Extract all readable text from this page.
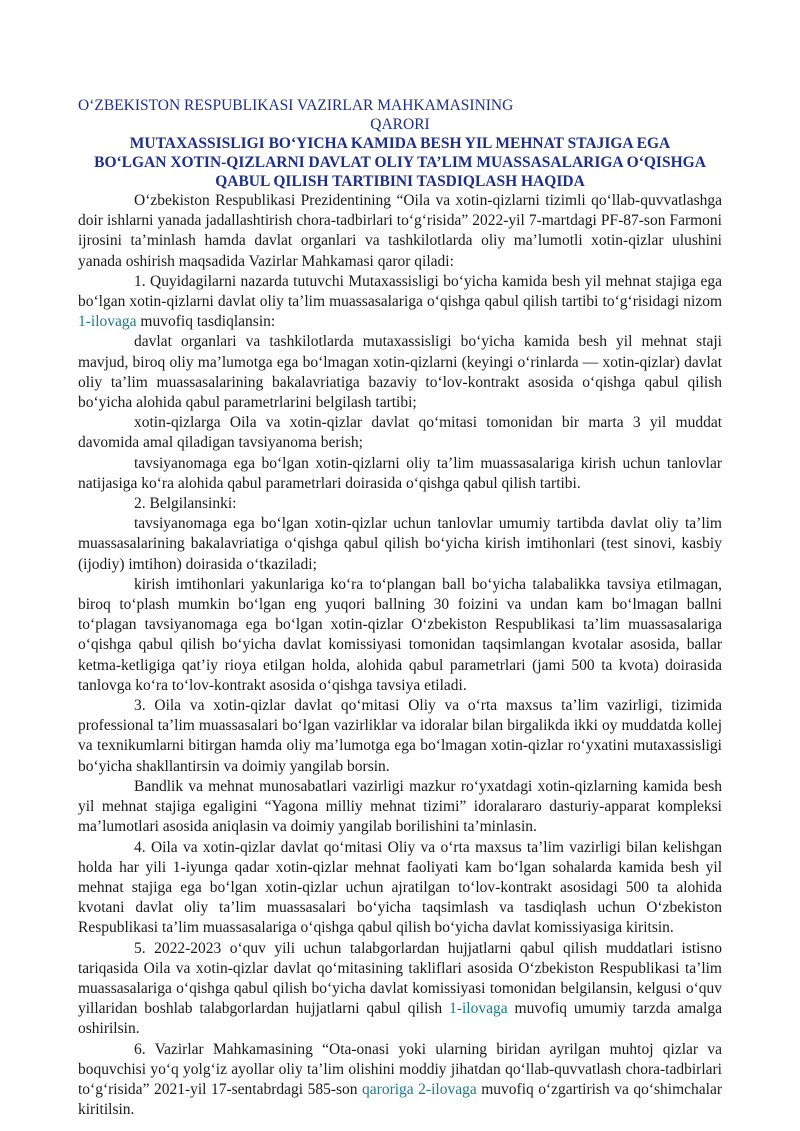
O‘ZBEKISTON RESPUBLIKASI VAZIRLAR MAHKAMASINING

QARORI

MUTAXASSISLIGI BO‘YICHA KAMIDA BESH YIL MEHNAT STAJIGA EGA

BO‘LGAN XOTIN-QIZLARNI DAVLAT OLIY TA’LIM MUASSASALARIGA O‘QISHGA

QABUL QILISH TARTIBINI TASDIQLASH HAQIDA

O‘zbekiston Respublikasi Prezidentining “Oila va xotin-qizlarni tizimli qo‘llab-quvvatlashga doir ishlarni yanada jadallashtirish chora-tadbirlari to‘g‘risida” 2022-yil 7-martdagi PF-87-son Farmoni ijrosini ta’minlash hamda davlat organlari va tashkilotlarda oliy ma’lumotli xotin-qizlar ulushini yanada oshirish maqsadida Vazirlar Mahkamasi qaror qiladi:

1. Quyidagilarni nazarda tutuvchi Mutaxassisligi bo‘yicha kamida besh yil mehnat stajiga ega bo‘lgan xotin-qizlarni davlat oliy ta’lim muassasalariga o‘qishga qabul qilish tartibi to‘g‘risidagi nizom 1-ilovaga muvofiq tasdiqlansin:

davlat organlari va tashkilotlarda mutaxassisligi bo‘yicha kamida besh yil mehnat staji mavjud, biroq oliy ma’lumotga ega bo‘lmagan xotin-qizlarni (keyingi o‘rinlarda — xotin-qizlar) davlat oliy ta’lim muassasalarining bakalavriatiga bazaviy to‘lov-kontrakt asosida o‘qishga qabul qilish bo‘yicha alohida qabul parametrlarini belgilash tartibi;

xotin-qizlarga Oila va xotin-qizlar davlat qo‘mitasi tomonidan bir marta 3 yil muddat davomida amal qiladigan tavsiyanoma berish;

tavsiyanomaga ega bo‘lgan xotin-qizlarni oliy ta’lim muassasalariga kirish uchun tanlovlar natijasiga ko‘ra alohida qabul parametrlari doirasida o‘qishga qabul qilish tartibi.

2. Belgilansinki:

tavsiyanomaga ega bo‘lgan xotin-qizlar uchun tanlovlar umumiy tartibda davlat oliy ta’lim muassasalarining bakalavriatiga o‘qishga qabul qilish bo‘yicha kirish imtihonlari (test sinovi, kasbiy (ijodiy) imtihon) doirasida o‘tkaziladi;

kirish imtihonlari yakunlariga ko‘ra to‘plangan ball bo‘yicha talabalikka tavsiya etilmagan, biroq to‘plash mumkin bo‘lgan eng yuqori ballning 30 foizini va undan kam bo‘lmagan ballni to‘plagan tavsiyanomaga ega bo‘lgan xotin-qizlar O‘zbekiston Respublikasi ta’lim muassasalariga o‘qishga qabul qilish bo‘yicha davlat komissiyasi tomonidan taqsimlangan kvotalar asosida, ballar ketma-ketligiga qat’iy rioya etilgan holda, alohida qabul parametrlari (jami 500 ta kvota) doirasida tanlovga ko‘ra to‘lov-kontrakt asosida o‘qishga tavsiya etiladi.

3. Oila va xotin-qizlar davlat qo‘mitasi Oliy va o‘rta maxsus ta’lim vazirligi, tizimida professional ta’lim muassasalari bo‘lgan vazirliklar va idoralar bilan birgalikda ikki oy muddatda kollej va texnikumlarni bitirgan hamda oliy ma’lumotga ega bo‘lmagan xotin-qizlar ro‘yxatini mutaxassisligi bo‘yicha shakllantirsin va doimiy yangilab borsin.

Bandlik va mehnat munosabatlari vazirligi mazkur ro‘yxatdagi xotin-qizlarning kamida besh yil mehnat stajiga egaligini “Yagona milliy mehnat tizimi” idoralararo dasturiy-apparat kompleksi ma’lumotlari asosida aniqlasin va doimiy yangilab borilishini ta’minlasin.

4. Oila va xotin-qizlar davlat qo‘mitasi Oliy va o‘rta maxsus ta’lim vazirligi bilan kelishgan holda har yili 1-iyunga qadar xotin-qizlar mehnat faoliyati kam bo‘lgan sohalarda kamida besh yil mehnat stajiga ega bo‘lgan xotin-qizlar uchun ajratilgan to‘lov-kontrakt asosidagi 500 ta alohida kvotani davlat oliy ta’lim muassasalari bo‘yicha taqsimlash va tasdiqlash uchun O‘zbekiston Respublikasi ta’lim muassasalariga o‘qishga qabul qilish bo‘yicha davlat komissiyasiga kiritsin.

5. 2022-2023 o‘quv yili uchun talabgorlardan hujjatlarni qabul qilish muddatlari istisno tariqasida Oila va xotin-qizlar davlat qo‘mitasining takliflari asosida O‘zbekiston Respublikasi ta’lim muassasalariga o‘qishga qabul qilish bo‘yicha davlat komissiyasi tomonidan belgilansin, kelgusi o‘quv yillaridan boshlab talabgorlardan hujjatlarni qabul qilish 1-ilovaga muvofiq umumiy tarzda amalga oshirilsin.

6. Vazirlar Mahkamasining “Ota-onasi yoki ularning biridan ayrilgan muhtoj qizlar va boquvchisi yo‘q yolg‘iz ayollar oliy ta’lim olishini moddiy jihatdan qo‘llab-quvvatlash chora-tadbirlari to‘g‘risida” 2021-yil 17-sentabrdagi 585-son qaroriga 2-ilovaga muvofiq o‘zgartirish va qo‘shimchalar kiritilsin.
